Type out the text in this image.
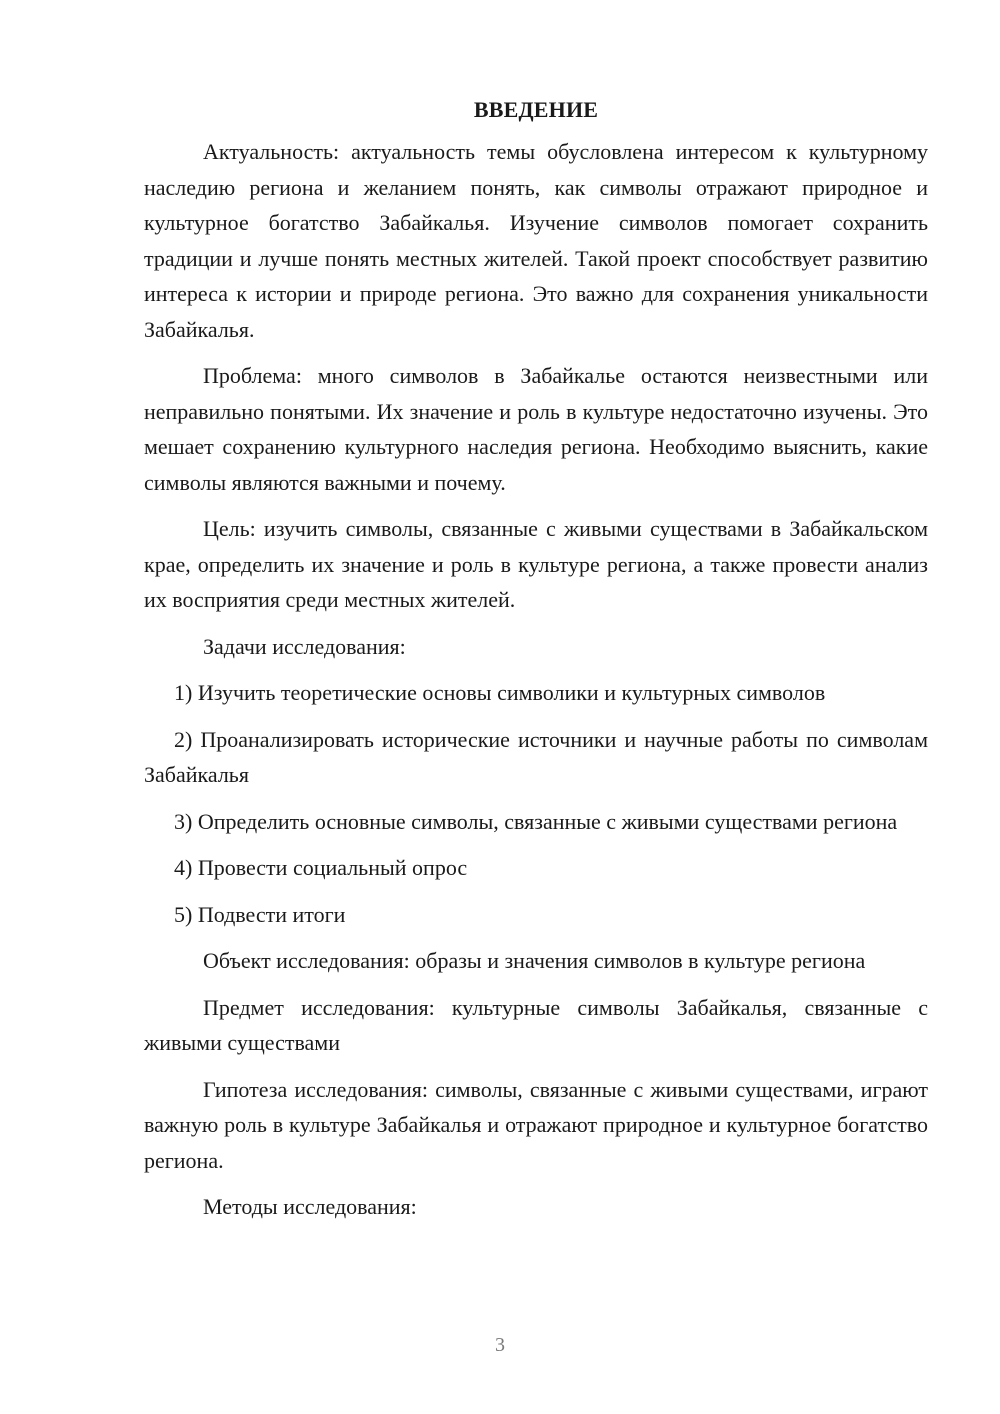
ВВЕДЕНИЕ

Актуальность: актуальность темы обусловлена интересом к культурному наследию региона и желанием понять, как символы отражают природное и культурное богатство Забайкалья. Изучение символов помогает сохранить традиции и лучше понять местных жителей. Такой проект способствует развитию интереса к истории и природе региона. Это важно для сохранения уникальности Забайкалья.

Проблема: много символов в Забайкалье остаются неизвестными или неправильно понятыми. Их значение и роль в культуре недостаточно изучены. Это мешает сохранению культурного наследия региона. Необходимо выяснить, какие символы являются важными и почему.

Цель: изучить символы, связанные с живыми существами в Забайкальском крае, определить их значение и роль в культуре региона, а также провести анализ их восприятия среди местных жителей.

Задачи исследования:

1) Изучить теоретические основы символики и культурных символов

2) Проанализировать исторические источники и научные работы по символам Забайкалья

3) Определить основные символы, связанные с живыми существами региона

4) Провести социальный опрос

5) Подвести итоги

Объект исследования: образы и значения символов в культуре региона

Предмет исследования: культурные символы Забайкалья, связанные с живыми существами

Гипотеза исследования: символы, связанные с живыми существами, играют важную роль в культуре Забайкалья и отражают природное и культурное богатство региона.

Методы исследования:

3
